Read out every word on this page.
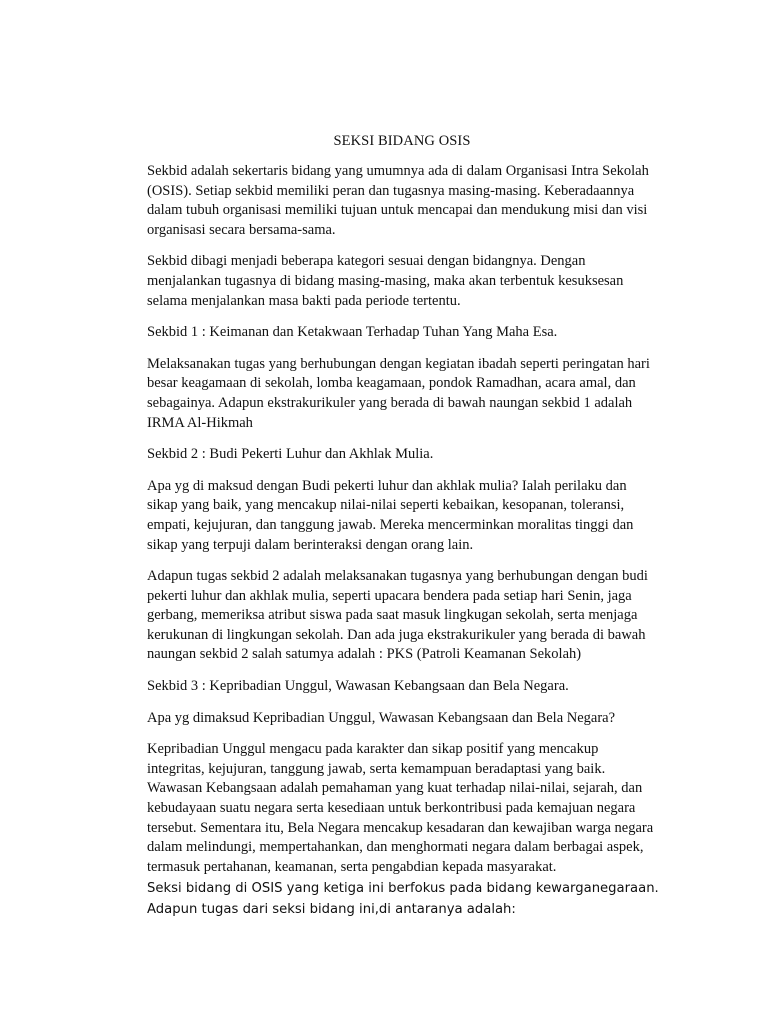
SEKSI BIDANG OSIS

Sekbid adalah sekertaris bidang yang umumnya ada di dalam Organisasi Intra Sekolah (OSIS). Setiap sekbid memiliki peran dan tugasnya masing-masing. Keberadaannya dalam tubuh organisasi memiliki tujuan untuk mencapai dan mendukung misi dan visi organisasi secara bersama-sama.

Sekbid dibagi menjadi beberapa kategori sesuai dengan bidangnya. Dengan menjalankan tugasnya di bidang masing-masing, maka akan terbentuk kesuksesan selama menjalankan masa bakti pada periode tertentu.

Sekbid 1 : Keimanan dan Ketakwaan Terhadap Tuhan Yang Maha Esa.

Melaksanakan tugas yang berhubungan dengan kegiatan ibadah seperti peringatan hari besar keagamaan di sekolah, lomba keagamaan, pondok Ramadhan, acara amal, dan sebagainya. Adapun ekstrakurikuler yang berada di bawah naungan sekbid 1 adalah IRMA Al-Hikmah

Sekbid 2 : Budi Pekerti Luhur dan Akhlak Mulia.

Apa yg di maksud dengan Budi pekerti luhur dan akhlak mulia? Ialah perilaku dan sikap yang baik, yang mencakup nilai-nilai seperti kebaikan, kesopanan, toleransi, empati, kejujuran, dan tanggung jawab. Mereka mencerminkan moralitas tinggi dan sikap yang terpuji dalam berinteraksi dengan orang lain.

Adapun tugas sekbid 2 adalah melaksanakan tugasnya yang berhubungan dengan budi pekerti luhur dan akhlak mulia, seperti upacara bendera pada setiap hari Senin, jaga gerbang, memeriksa atribut siswa pada saat masuk lingkugan sekolah, serta menjaga kerukunan di lingkungan sekolah. Dan ada juga ekstrakurikuler yang berada di bawah naungan sekbid 2 salah satumya adalah : PKS (Patroli Keamanan Sekolah)

Sekbid 3 : Kepribadian Unggul, Wawasan Kebangsaan dan Bela Negara.

Apa yg dimaksud Kepribadian Unggul, Wawasan Kebangsaan dan Bela Negara?

Kepribadian Unggul mengacu pada karakter dan sikap positif yang mencakup integritas, kejujuran, tanggung jawab, serta kemampuan beradaptasi yang baik. Wawasan Kebangsaan adalah pemahaman yang kuat terhadap nilai-nilai, sejarah, dan kebudayaan suatu negara serta kesediaan untuk berkontribusi pada kemajuan negara tersebut. Sementara itu, Bela Negara mencakup kesadaran dan kewajiban warga negara dalam melindungi, mempertahankan, dan menghormati negara dalam berbagai aspek, termasuk pertahanan, keamanan, serta pengabdian kepada masyarakat.

Seksi bidang di OSIS yang ketiga ini berfokus pada bidang kewarganegaraan. Adapun tugas dari seksi bidang ini,di antaranya adalah:
